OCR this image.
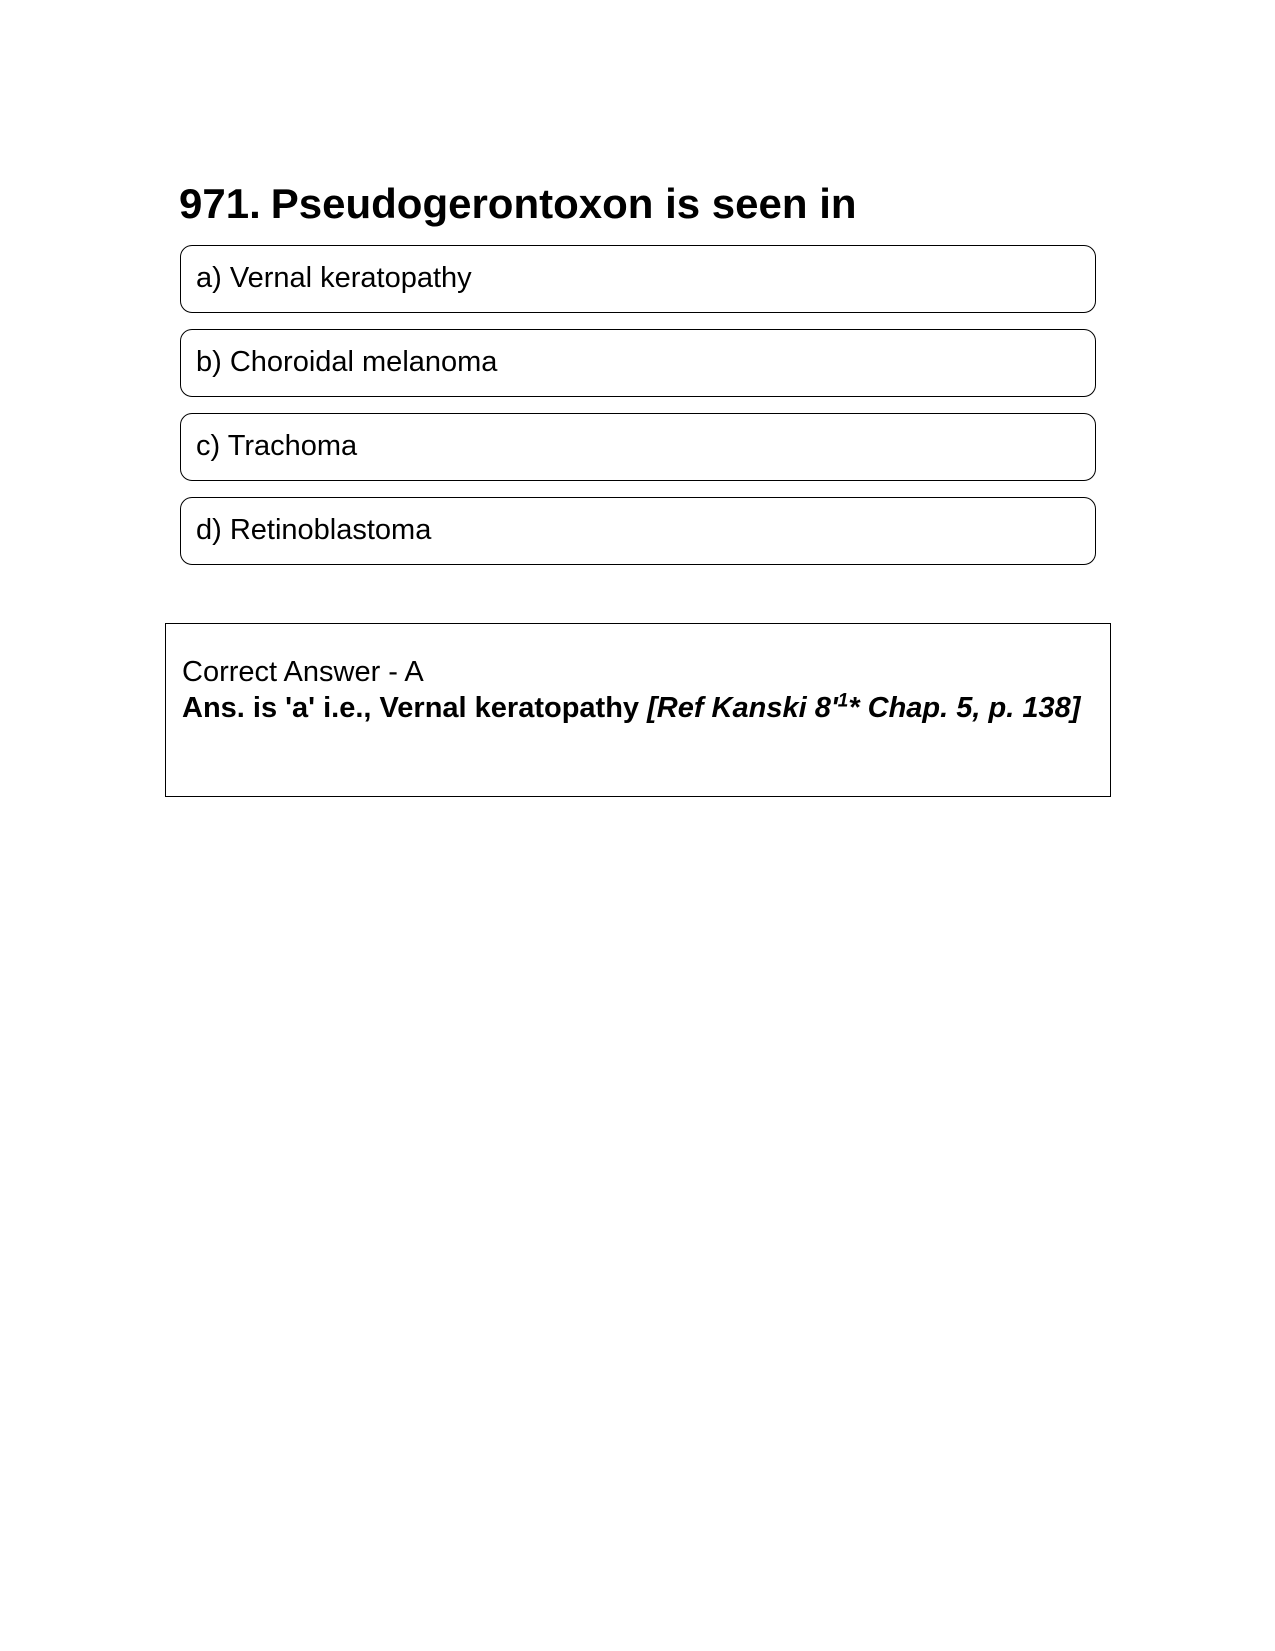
971. Pseudogerontoxon is seen in
a) Vernal keratopathy
b) Choroidal melanoma
c) Trachoma
d) Retinoblastoma
Correct Answer - A
Ans. is 'a' i.e., Vernal keratopathy [Ref Kanski $8'^1*$ Chap. 5, p. 138]
